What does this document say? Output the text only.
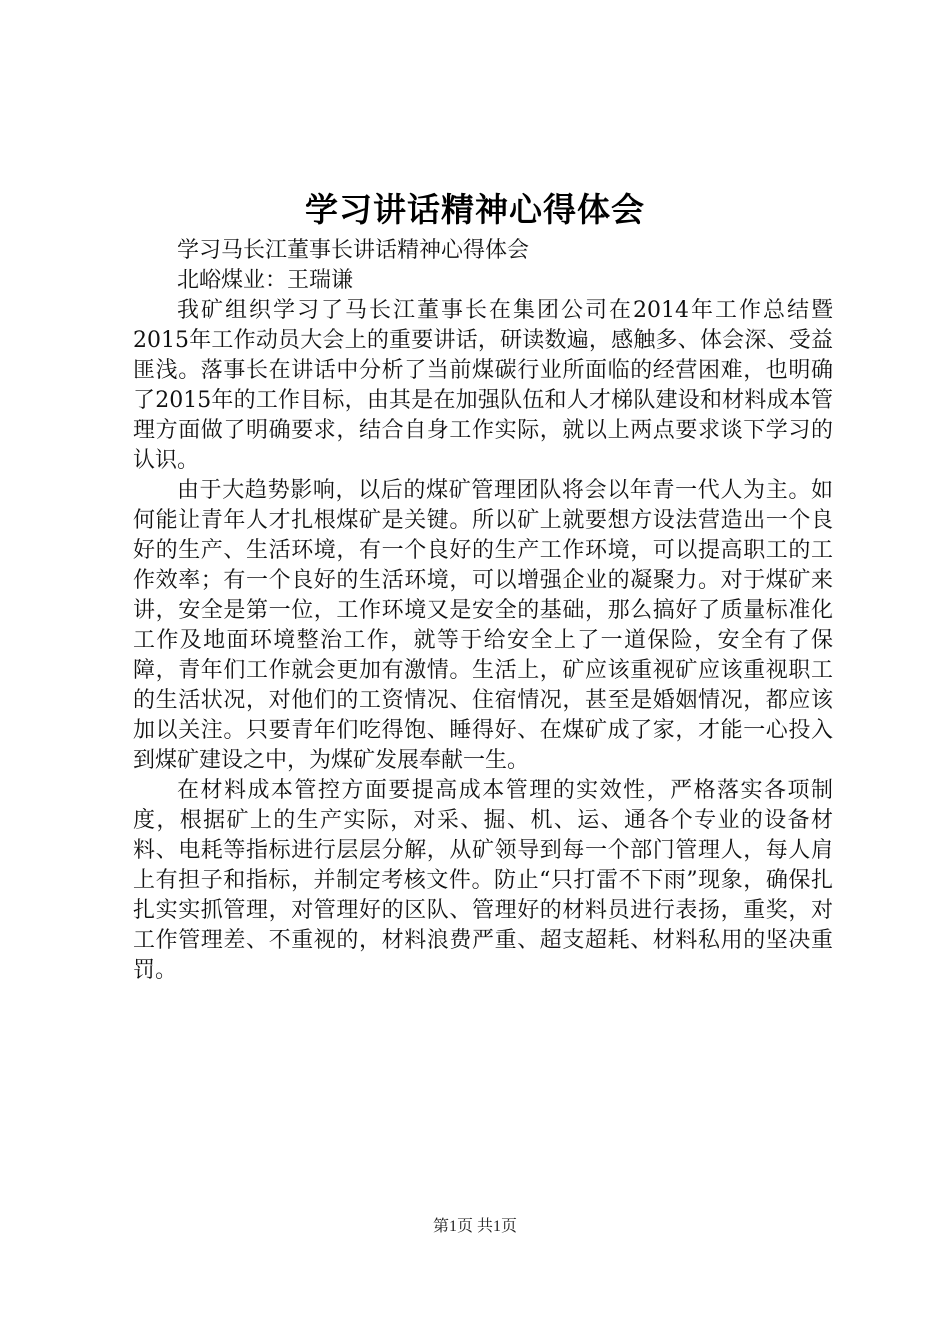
学习讲话精神心得体会

学习马长江董事长讲话精神心得体会

北峪煤业：王瑞谦

我矿组织学习了马长江董事长在集团公司在2014年工作总结暨2015年工作动员大会上的重要讲话，研读数遍，感触多、体会深、受益匪浅。落事长在讲话中分析了当前煤碳行业所面临的经营困难，也明确了2015年的工作目标，由其是在加强队伍和人才梯队建设和材料成本管理方面做了明确要求，结合自身工作实际，就以上两点要求谈下学习的认识。

由于大趋势影响，以后的煤矿管理团队将会以年青一代人为主。如何能让青年人才扎根煤矿是关键。所以矿上就要想方设法营造出一个良好的生产、生活环境，有一个良好的生产工作环境，可以提高职工的工作效率；有一个良好的生活环境，可以增强企业的凝聚力。对于煤矿来讲，安全是第一位，工作环境又是安全的基础，那么搞好了质量标准化工作及地面环境整治工作，就等于给安全上了一道保险，安全有了保障，青年们工作就会更加有激情。生活上，矿应该重视矿应该重视职工的生活状况，对他们的工资情况、住宿情况，甚至是婚姻情况，都应该加以关注。只要青年们吃得饱、睡得好、在煤矿成了家，才能一心投入到煤矿建设之中，为煤矿发展奉献一生。

在材料成本管控方面要提高成本管理的实效性，严格落实各项制度，根据矿上的生产实际，对采、掘、机、运、通各个专业的设备材料、电耗等指标进行层层分解，从矿领导到每一个部门管理人，每人肩上有担子和指标，并制定考核文件。防止“只打雷不下雨”现象，确保扎扎实实抓管理，对管理好的区队、管理好的材料员进行表扬，重奖，对工作管理差、不重视的，材料浪费严重、超支超耗、材料私用的坚决重罚。

第1页 共1页
